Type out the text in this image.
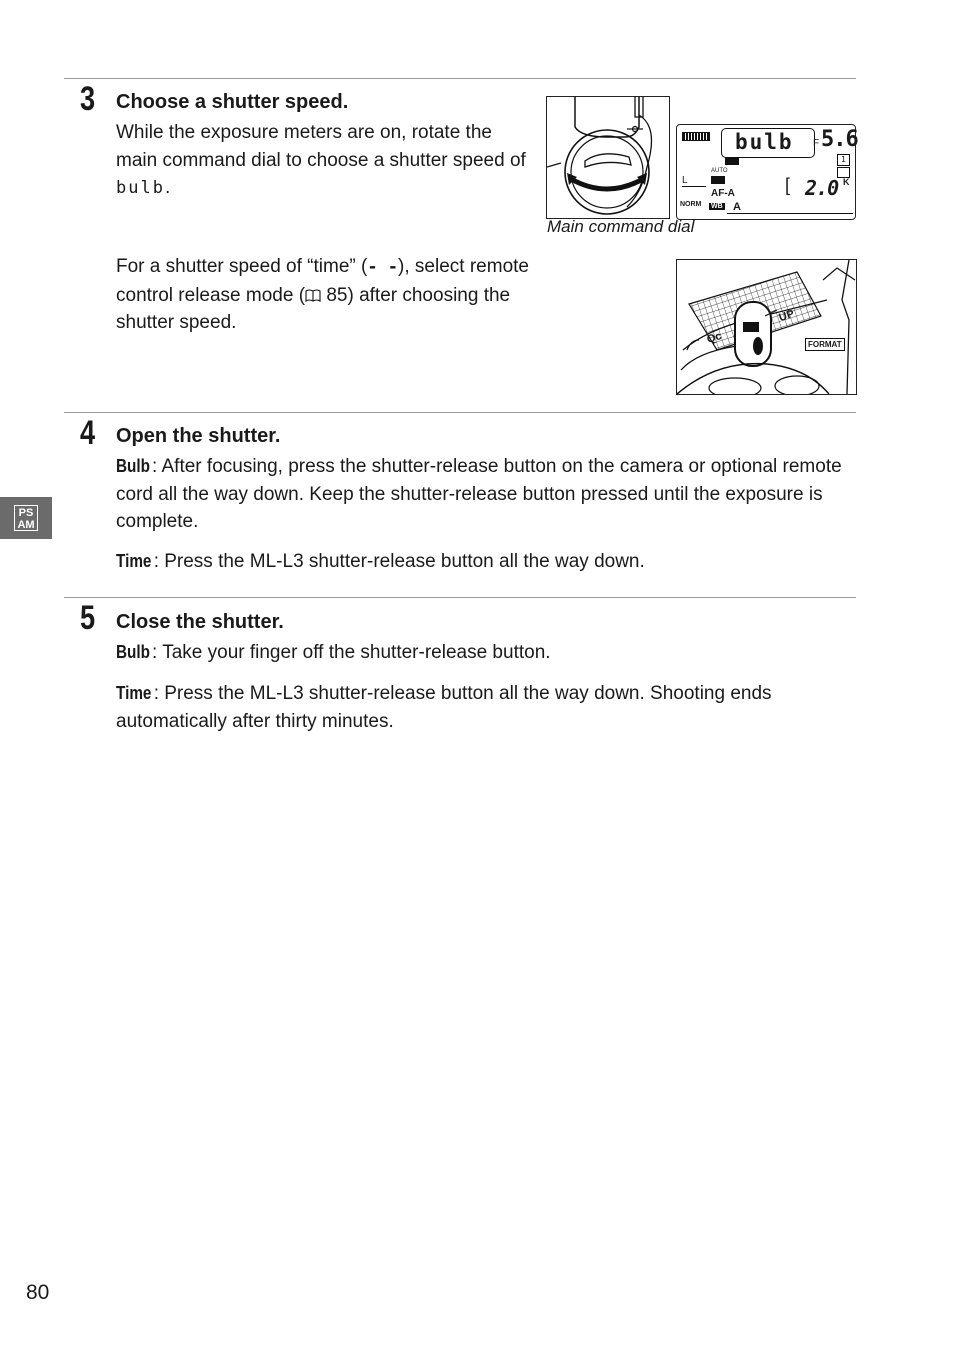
3 Choose a shutter speed.
While the exposure meters are on, rotate the main command dial to choose a shutter speed of bulb.
bulb F 5.6
1
AUTO
L
AF-A	[ 2.0 K
NORM WB A
Main command dial
For a shutter speed of “time” (- -), select remote control release mode ( 85) after choosing the shutter speed.
Qc
UP
FORMAT
4 Open the shutter.
Bulb : After focusing, press the shutter-release button on the camera or optional remote cord all the way down. Keep the shutter-release button pressed until the exposure is complete.
Time : Press the ML-L3 shutter-release button all the way down.
PS
AM
5 Close the shutter.
Bulb : Take your finger off the shutter-release button.
Time : Press the ML-L3 shutter-release button all the way down. Shooting ends automatically after thirty minutes.
80
